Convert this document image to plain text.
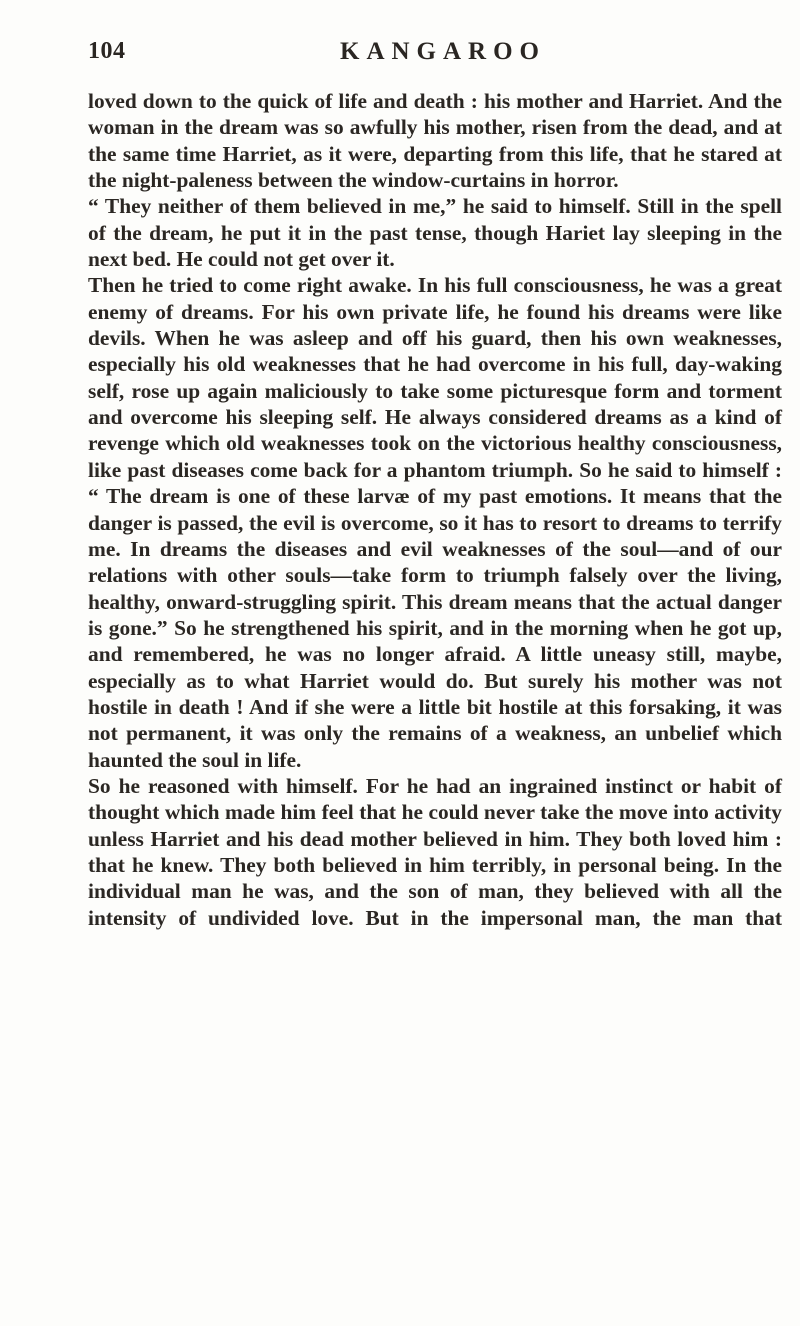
104	KANGAROO

loved down to the quick of life and death : his mother and Harriet. And the woman in the dream was so awfully his mother, risen from the dead, and at the same time Harriet, as it were, departing from this life, that he stared at the night-paleness between the window-curtains in horror.

“ They neither of them believed in me,” he said to himself. Still in the spell of the dream, he put it in the past tense, though Hariet lay sleeping in the next bed. He could not get over it.

Then he tried to come right awake. In his full consciousness, he was a great enemy of dreams. For his own private life, he found his dreams were like devils. When he was asleep and off his guard, then his own weaknesses, especially his old weaknesses that he had overcome in his full, day-waking self, rose up again maliciously to take some picturesque form and torment and overcome his sleeping self. He always considered dreams as a kind of revenge which old weaknesses took on the victorious healthy consciousness, like past diseases come back for a phantom triumph. So he said to himself : “ The dream is one of these larvæ of my past emotions. It means that the danger is passed, the evil is overcome, so it has to resort to dreams to terrify me. In dreams the diseases and evil weaknesses of the soul—and of our relations with other souls—take form to triumph falsely over the living, healthy, onward-struggling spirit. This dream means that the actual danger is gone.” So he strengthened his spirit, and in the morning when he got up, and remembered, he was no longer afraid. A little uneasy still, maybe, especially as to what Harriet would do. But surely his mother was not hostile in death ! And if she were a little bit hostile at this forsaking, it was not permanent, it was only the remains of a weakness, an unbelief which haunted the soul in life.

So he reasoned with himself. For he had an ingrained instinct or habit of thought which made him feel that he could never take the move into activity unless Harriet and his dead mother believed in him. They both loved him : that he knew. They both believed in him terribly, in personal being. In the individual man he was, and the son of man, they believed with all the intensity of undivided love. But in the impersonal man, the man that
